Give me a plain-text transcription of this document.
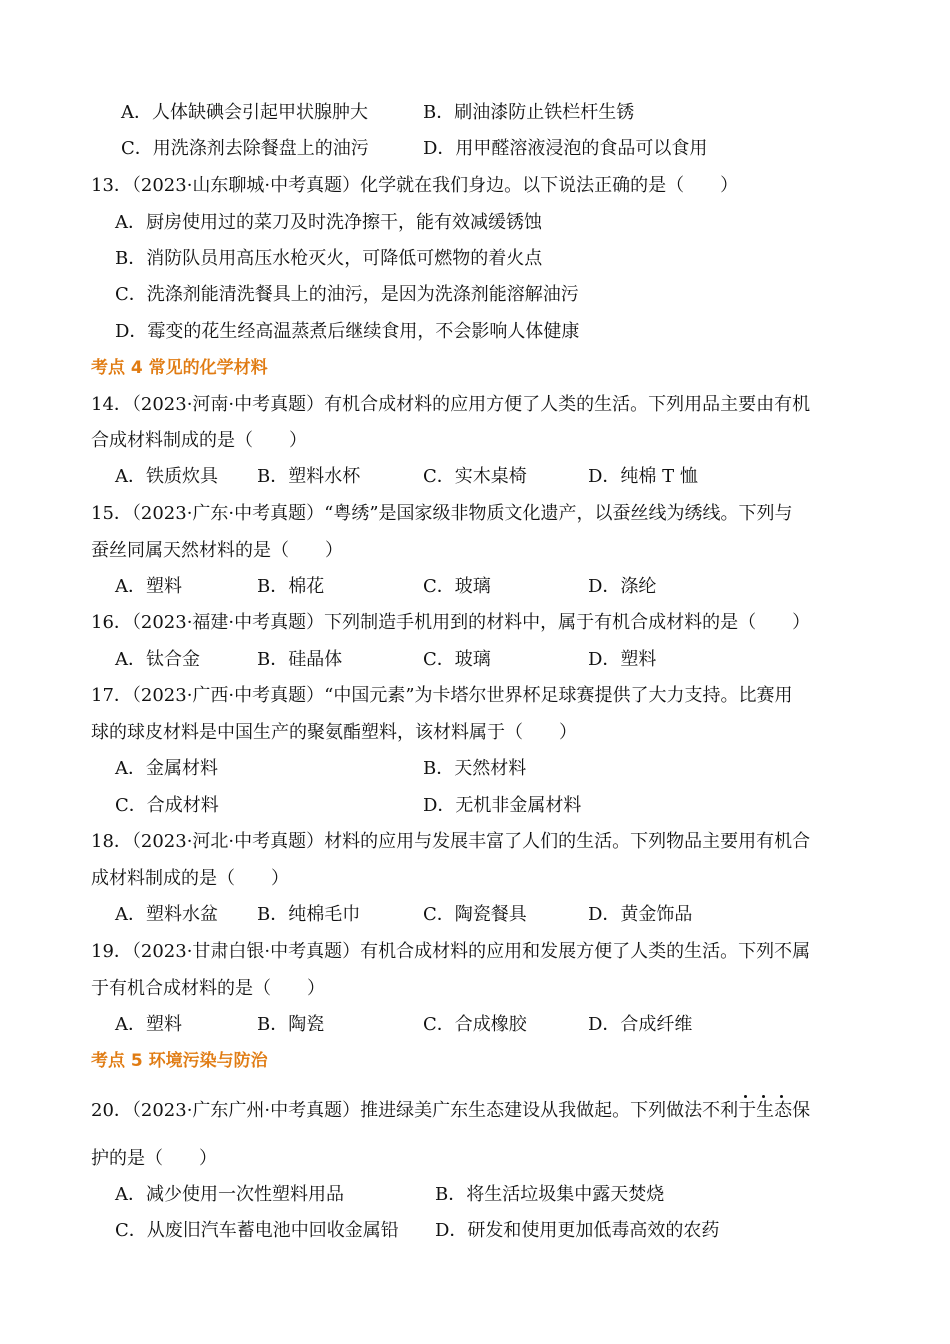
A．人体缺碘会引起甲状腺肿大	B．刷油漆防止铁栏杆生锈
C．用洗涤剂去除餐盘上的油污	D．用甲醛溶液浸泡的食品可以食用
13．（2023·山东聊城·中考真题）化学就在我们身边。以下说法正确的是（　　）
A．厨房使用过的菜刀及时洗净擦干，能有效减缓锈蚀
B．消防队员用高压水枪灭火，可降低可燃物的着火点
C．洗涤剂能清洗餐具上的油污，是因为洗涤剂能溶解油污
D．霉变的花生经高温蒸煮后继续食用，不会影响人体健康
考点 4 常见的化学材料
14．（2023·河南·中考真题）有机合成材料的应用方便了人类的生活。下列用品主要由有机
合成材料制成的是（　　）
A．铁质炊具 B．塑料水杯	C．实木桌椅	D．纯棉 T 恤
15．（2023·广东·中考真题）“粤绣”是国家级非物质文化遗产，以蚕丝线为绣线。下列与
蚕丝同属天然材料的是（　　）
A．塑料	B．棉花	C．玻璃	D．涤纶
16．（2023·福建·中考真题）下列制造手机用到的材料中，属于有机合成材料的是（　　）
A．钛合金	B．硅晶体	C．玻璃	D．塑料
17．（2023·广西·中考真题）“中国元素”为卡塔尔世界杯足球赛提供了大力支持。比赛用
球的球皮材料是中国生产的聚氨酯塑料，该材料属于（　　）
A．金属材料	B．天然材料
C．合成材料	D．无机非金属材料
18．（2023·河北·中考真题）材料的应用与发展丰富了人们的生活。下列物品主要用有机合
成材料制成的是（　　）
A．塑料水盆 B．纯棉毛巾	C．陶瓷餐具	D．黄金饰品
19．（2023·甘肃白银·中考真题）有机合成材料的应用和发展方便了人类的生活。下列不属
于有机合成材料的是（　　）
A．塑料	B．陶瓷	C．合成橡胶	D．合成纤维
考点 5 环境污染与防治
20．（2023·广东广州·中考真题）推进绿美广东生态建设从我做起。下列做法不利于生态保
护的是（　　）
A．减少使用一次性塑料用品	B．将生活垃圾集中露天焚烧
C．从废旧汽车蓄电池中回收金属铅 D．研发和使用更加低毒高效的农药
